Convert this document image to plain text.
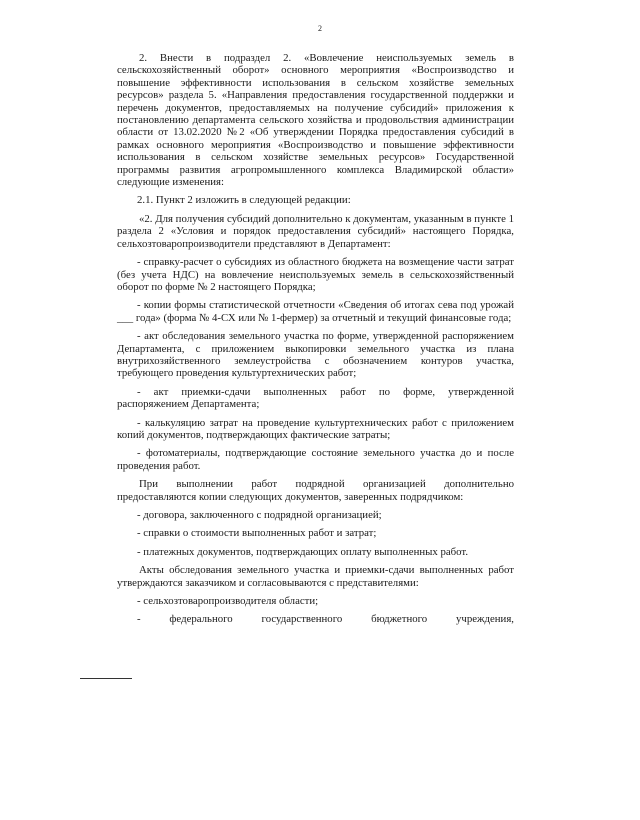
2

2. Внести в подраздел 2. «Вовлечение неиспользуемых земель в сельскохозяйственный оборот» основного мероприятия «Воспроизводство и повышение эффективности использования в сельском хозяйстве земельных ресурсов» раздела 5. «Направления предоставления государственной поддержки и перечень документов, предоставляемых на получение субсидий» приложения к постановлению департамента сельского хозяйства и продовольствия администрации области от 13.02.2020 №2 «Об утверждении Порядка предоставления субсидий в рамках основного мероприятия «Воспроизводство и повышение эффективности использования в сельском хозяйстве земельных ресурсов» Государственной программы развития агропромышленного комплекса Владимирской области» следующие изменения:

2.1. Пункт 2 изложить в следующей редакции:

«2. Для получения субсидий дополнительно к документам, указанным в пункте 1 раздела 2 «Условия и порядок предоставления субсидий» настоящего Порядка, сельхозтоваропроизводители представляют в Департамент:

- справку-расчет о субсидиях из областного бюджета на возмещение части затрат (без учета НДС) на вовлечение неиспользуемых земель в сельскохозяйственный оборот по форме № 2 настоящего Порядка;

- копии формы статистической отчетности «Сведения об итогах сева под урожай ___ года» (форма № 4-СХ или № 1-фермер) за отчетный и текущий финансовые года;

- акт обследования земельного участка по форме, утвержденной распоряжением Департамента, с приложением выкопировки земельного участка из плана внутрихозяйственного землеустройства с обозначением контуров участка, требующего проведения культуртехнических работ;

- акт приемки-сдачи выполненных работ по форме, утвержденной распоряжением Департамента;

- калькуляцию затрат на проведение культуртехнических работ с приложением копий документов, подтверждающих фактические затраты;

- фотоматериалы, подтверждающие состояние земельного участка до и после проведения работ.

При выполнении работ подрядной организацией дополнительно предоставляются копии следующих документов, заверенных подрядчиком:

- договора, заключенного с подрядной организацией;

- справки о стоимости выполненных работ и затрат;

- платежных документов, подтверждающих оплату выполненных работ.

Акты обследования земельного участка и приемки-сдачи выполненных работ утверждаются заказчиком и согласовываются с представителями:

- сельхозтоваропроизводителя области;

- федерального государственного бюджетного учреждения,
